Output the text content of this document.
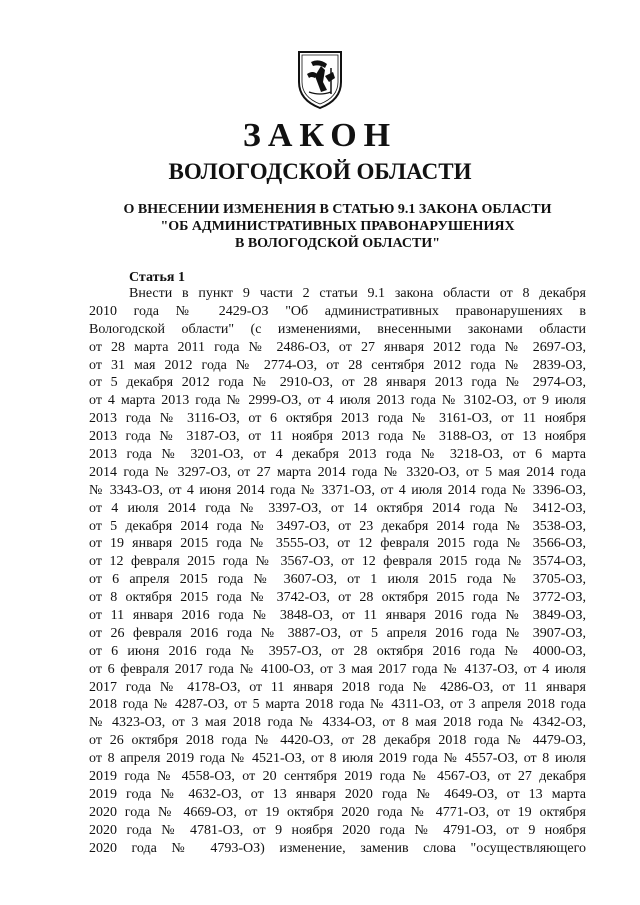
ЗАКОН
ВОЛОГОДСКОЙ ОБЛАСТИ
О ВНЕСЕНИИ ИЗМЕНЕНИЯ В СТАТЬЮ 9.1 ЗАКОНА ОБЛАСТИ
"ОБ АДМИНИСТРАТИВНЫХ ПРАВОНАРУШЕНИЯХ
В ВОЛОГОДСКОЙ ОБЛАСТИ"
Статья 1
Внести в пункт 9 части 2 статьи 9.1 закона области от 8 декабря
2010 года № 2429-ОЗ "Об административных правонарушениях в
Вологодской области" (с изменениями, внесенными законами области
от 28 марта 2011 года № 2486-ОЗ, от 27 января 2012 года № 2697-ОЗ,
от 31 мая 2012 года № 2774-ОЗ, от 28 сентября 2012 года № 2839-ОЗ,
от 5 декабря 2012 года № 2910-ОЗ, от 28 января 2013 года № 2974-ОЗ,
от 4 марта 2013 года № 2999-ОЗ, от 4 июля 2013 года № 3102-ОЗ, от 9 июля
2013 года № 3116-ОЗ, от 6 октября 2013 года № 3161-ОЗ, от 11 ноября
2013 года № 3187-ОЗ, от 11 ноября 2013 года № 3188-ОЗ, от 13 ноября
2013 года № 3201-ОЗ, от 4 декабря 2013 года № 3218-ОЗ, от 6 марта
2014 года № 3297-ОЗ, от 27 марта 2014 года № 3320-ОЗ, от 5 мая 2014 года
№ 3343-ОЗ, от 4 июня 2014 года № 3371-ОЗ, от 4 июля 2014 года № 3396-ОЗ,
от 4 июля 2014 года № 3397-ОЗ, от 14 октября 2014 года № 3412-ОЗ,
от 5 декабря 2014 года № 3497-ОЗ, от 23 декабря 2014 года № 3538-ОЗ,
от 19 января 2015 года № 3555-ОЗ, от 12 февраля 2015 года № 3566-ОЗ,
от 12 февраля 2015 года № 3567-ОЗ, от 12 февраля 2015 года № 3574-ОЗ,
от 6 апреля 2015 года № 3607-ОЗ, от 1 июля 2015 года № 3705-ОЗ,
от 8 октября 2015 года № 3742-ОЗ, от 28 октября 2015 года № 3772-ОЗ,
от 11 января 2016 года № 3848-ОЗ, от 11 января 2016 года № 3849-ОЗ,
от 26 февраля 2016 года № 3887-ОЗ, от 5 апреля 2016 года № 3907-ОЗ,
от 6 июня 2016 года № 3957-ОЗ, от 28 октября 2016 года № 4000-ОЗ,
от 6 февраля 2017 года № 4100-ОЗ, от 3 мая 2017 года № 4137-ОЗ, от 4 июля
2017 года № 4178-ОЗ, от 11 января 2018 года № 4286-ОЗ, от 11 января
2018 года № 4287-ОЗ, от 5 марта 2018 года № 4311-ОЗ, от 3 апреля 2018 года
№ 4323-ОЗ, от 3 мая 2018 года № 4334-ОЗ, от 8 мая 2018 года № 4342-ОЗ,
от 26 октября 2018 года № 4420-ОЗ, от 28 декабря 2018 года № 4479-ОЗ,
от 8 апреля 2019 года № 4521-ОЗ, от 8 июля 2019 года № 4557-ОЗ, от 8 июля
2019 года № 4558-ОЗ, от 20 сентября 2019 года № 4567-ОЗ, от 27 декабря
2019 года № 4632-ОЗ, от 13 января 2020 года № 4649-ОЗ, от 13 марта
2020 года № 4669-ОЗ, от 19 октября 2020 года № 4771-ОЗ, от 19 октября
2020 года № 4781-ОЗ, от 9 ноября 2020 года № 4791-ОЗ, от 9 ноября
2020 года № 4793-ОЗ) изменение, заменив слова "осуществляющего
